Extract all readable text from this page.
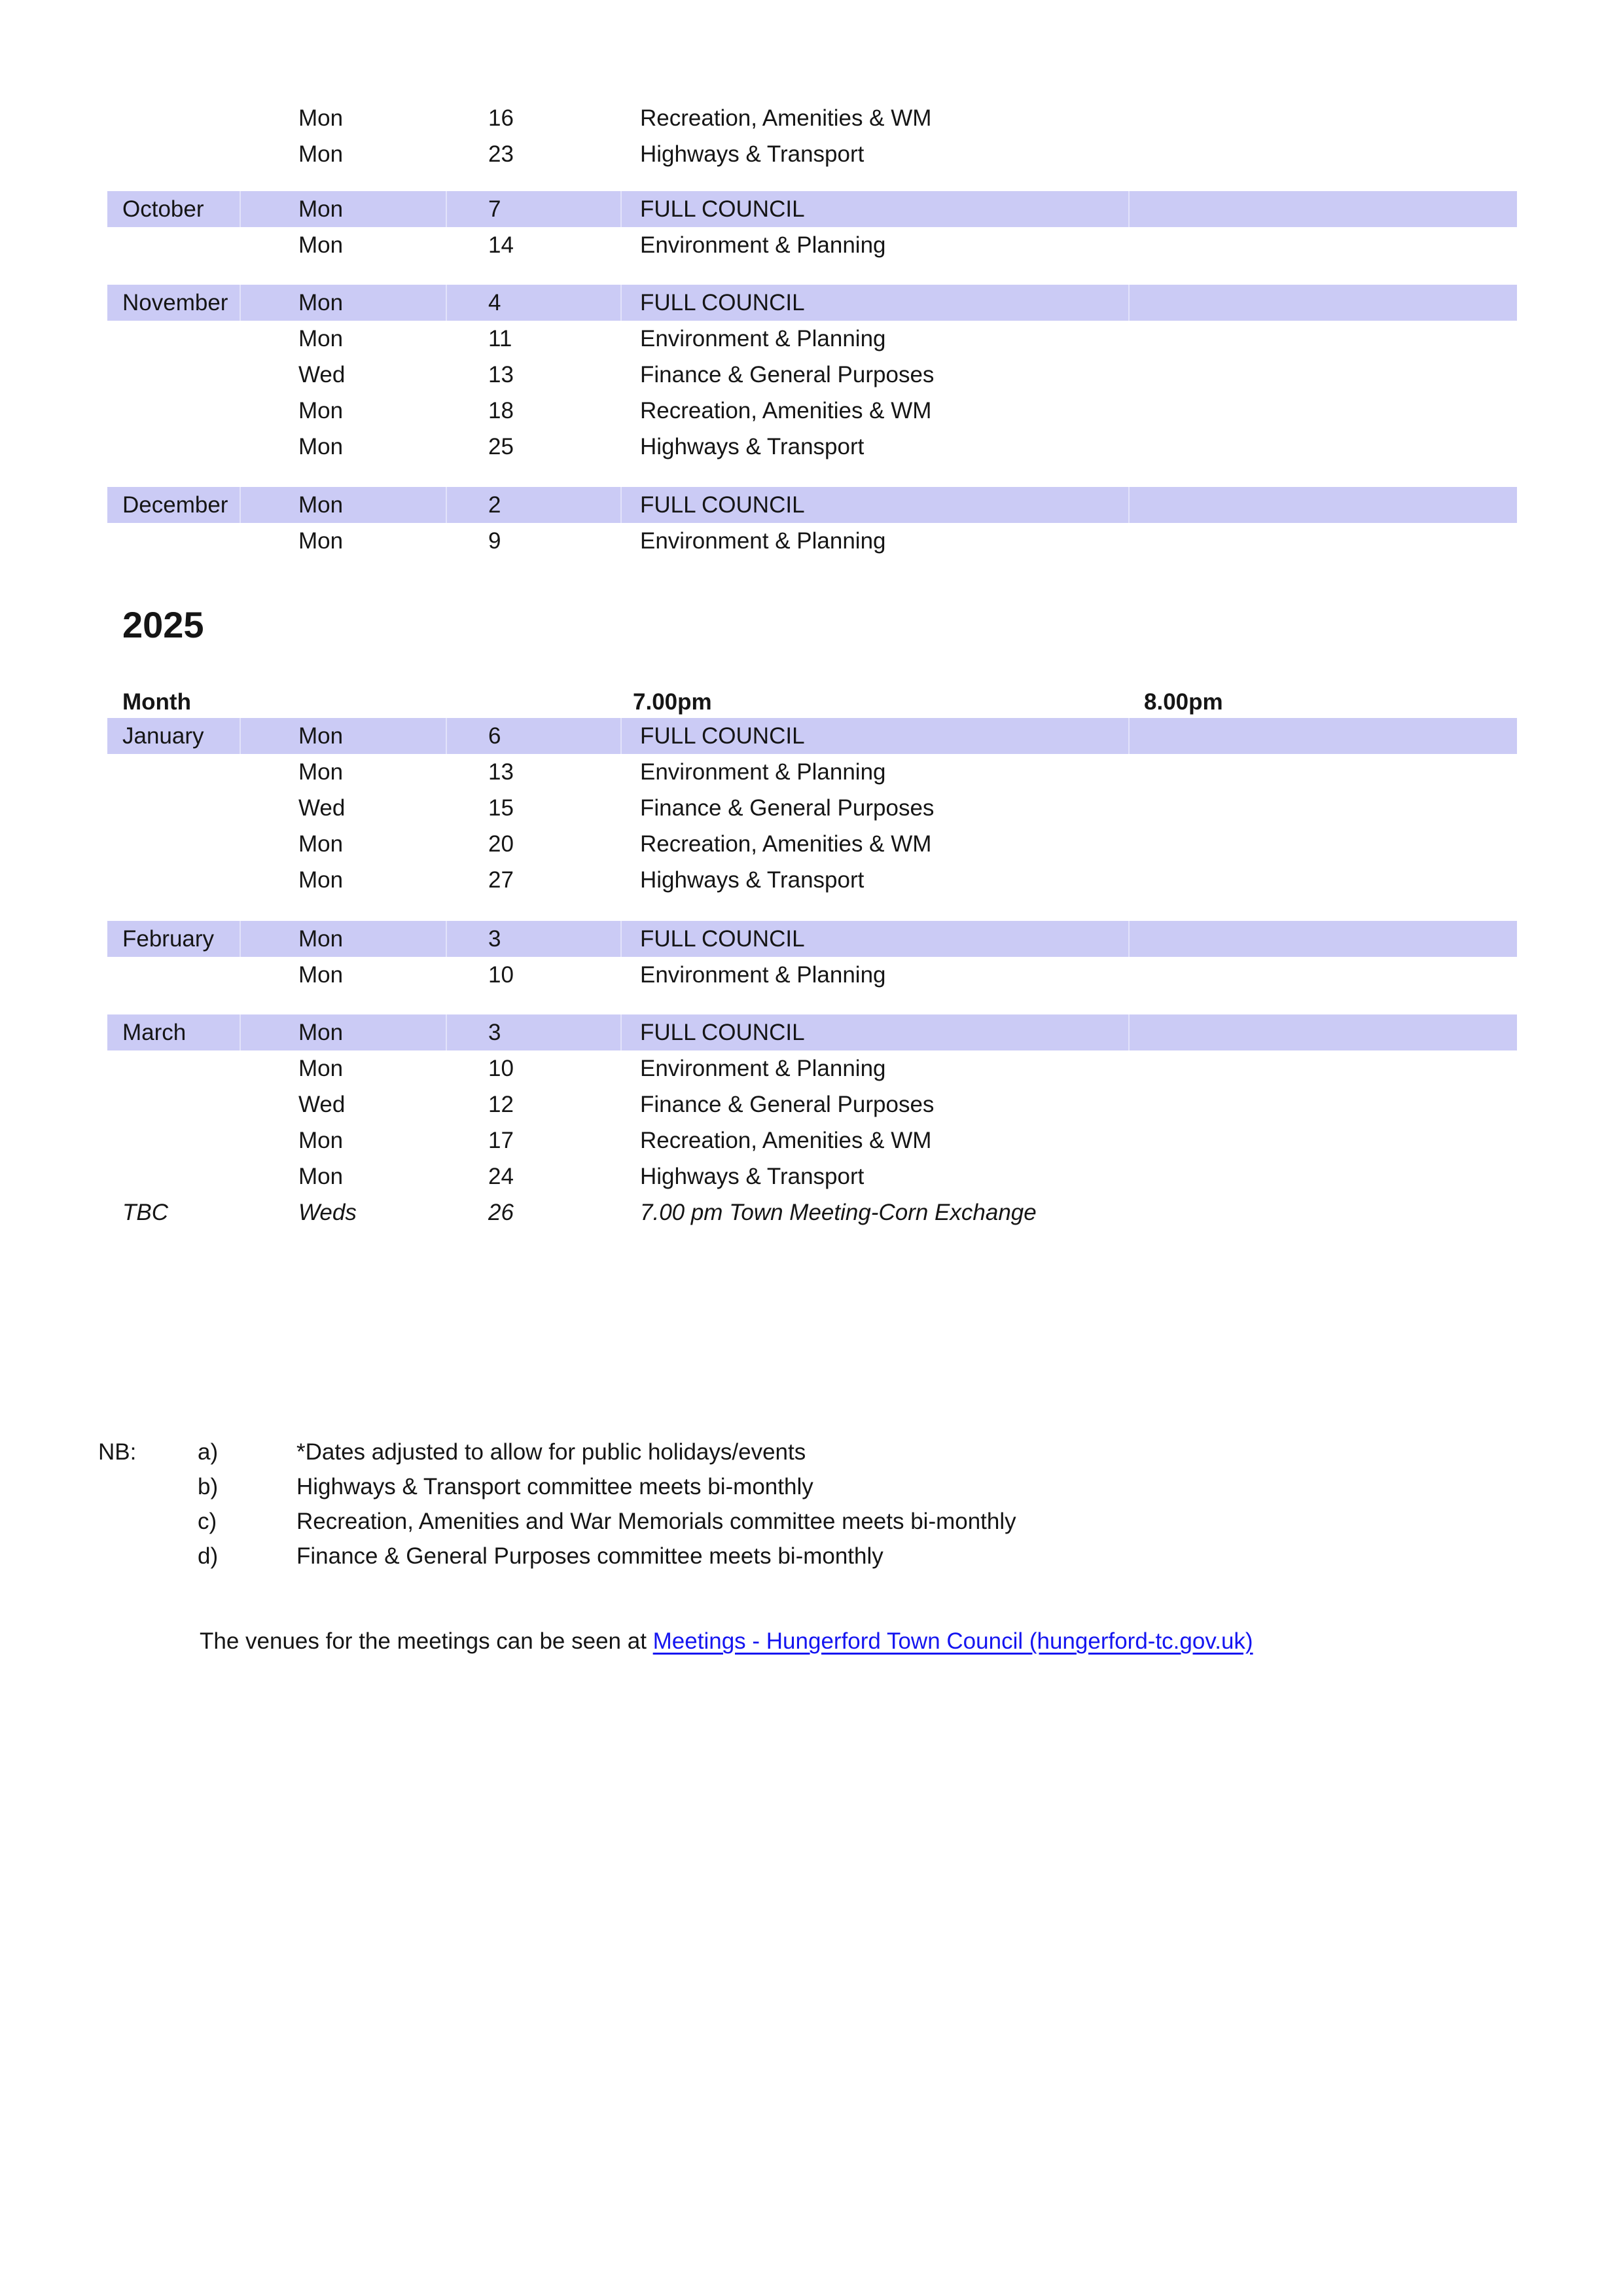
Mon	16	Recreation, Amenities & WM
Mon	23	Highways & Transport
October	Mon	7	FULL COUNCIL
Mon	14	Environment & Planning
November	Mon	4	FULL COUNCIL
Mon	11	Environment & Planning
Wed	13	Finance & General Purposes
Mon	18	Recreation, Amenities & WM
Mon	25	Highways & Transport
December	Mon	2	FULL COUNCIL
Mon	9	Environment & Planning
2025
Month	7.00pm	8.00pm
January	Mon	6	FULL COUNCIL
Mon	13	Environment & Planning
Wed	15	Finance & General Purposes
Mon	20	Recreation, Amenities & WM
Mon	27	Highways & Transport
February	Mon	3	FULL COUNCIL
Mon	10	Environment & Planning
March	Mon	3	FULL COUNCIL
Mon	10	Environment & Planning
Wed	12	Finance & General Purposes
Mon	17	Recreation, Amenities & WM
Mon	24	Highways & Transport
TBC	Weds	26	7.00 pm Town Meeting-Corn Exchange
NB:	a)	*Dates adjusted to allow for public holidays/events
b)	Highways & Transport committee meets bi-monthly
c)	Recreation, Amenities and War Memorials committee meets bi-monthly
d)	Finance & General Purposes committee meets bi-monthly
The venues for the meetings can be seen at Meetings - Hungerford Town Council (hungerford-tc.gov.uk)
